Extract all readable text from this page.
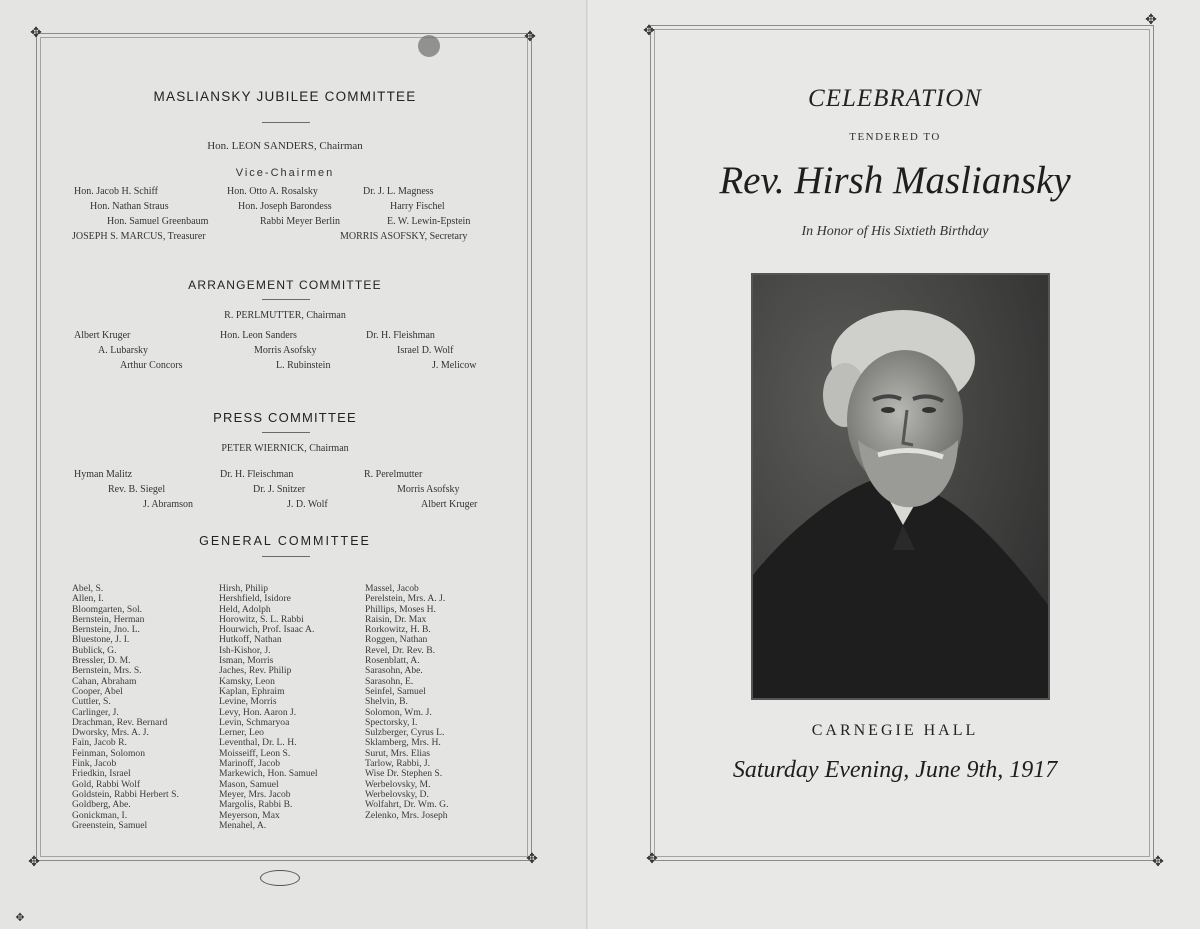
✥	✥
✥	✥
MASLIANSKY JUBILEE COMMITTEE
Hon. LEON SANDERS, Chairman
Vice-Chairmen
Hon. Jacob H. Schiff	Hon. Otto A. Rosalsky	Dr. J. L. Magness
Hon. Nathan Straus	Hon. Joseph Barondess	Harry Fischel
Hon. Samuel Greenbaum	Rabbi Meyer Berlin	E. W. Lewin-Epstein
JOSEPH S. MARCUS, Treasurer	MORRIS ASOFSKY, Secretary
ARRANGEMENT COMMITTEE
R. PERLMUTTER, Chairman
Albert Kruger	Hon. Leon Sanders	Dr. H. Fleishman
A. Lubarsky	Morris Asofsky	Israel D. Wolf
Arthur Concors	L. Rubinstein	J. Melicow
PRESS COMMITTEE
PETER WIERNICK, Chairman
Hyman Malitz	Dr. H. Fleischman	R. Perelmutter
Rev. B. Siegel	Dr. J. Snitzer	Morris Asofsky
J. Abramson	J. D. Wolf	Albert Kruger
GENERAL COMMITTEE
Abel, S.
Allen, I.
Bloomgarten, Sol.
Bernstein, Herman
Bernstein, Jno. L.
Bluestone, J. I.
Bublick, G.
Bressler, D. M.
Bernstein, Mrs. S.
Cahan, Abraham
Cooper, Abel
Cuttler, S.
Carlinger, J.
Drachman, Rev. Bernard
Dworsky, Mrs. A. J.
Fain, Jacob R.
Feinman, Solomon
Fink, Jacob
Friedkin, Israel
Gold, Rabbi Wolf
Goldstein, Rabbi Herbert S.
Goldberg, Abe.
Gonickman, I.
Greenstein, Samuel
Hirsh, Philip
Hershfield, Isidore
Held, Adolph
Horowitz, S. L. Rabbi
Hourwich, Prof. Isaac A.
Hutkoff, Nathan
Ish-Kishor, J.
Isman, Morris
Jaches, Rev. Philip
Kamsky, Leon
Kaplan, Ephraim
Levine, Morris
Levy, Hon. Aaron J.
Levin, Schmaryoa
Lerner, Leo
Leventhal, Dr. L. H.
Moisseiff, Leon S.
Marinoff, Jacob
Markewich, Hon. Samuel
Mason, Samuel
Meyer, Mrs. Jacob
Margolis, Rabbi B.
Meyerson, Max
Menahel, A.
Massel, Jacob
Perelstein, Mrs. A. J.
Phillips, Moses H.
Raisin, Dr. Max
Rorkowitz, H. B.
Roggen, Nathan
Revel, Dr. Rev. B.
Rosenblatt, A.
Sarasohn, Abe.
Sarasohn, E.
Seinfel, Samuel
Shelvin, B.
Solomon, Wm. J.
Spectorsky, I.
Sulzberger, Cyrus L.
Sklamberg, Mrs. H.
Surut, Mrs. Elias
Tarlow, Rabbi, J.
Wise Dr. Stephen S.
Werbelovsky, M.
Werbelovsky, D.
Wolfahrt, Dr. Wm. G.
Zelenko, Mrs. Joseph
✥
✥
✥
✥	✥
CELEBRATION
TENDERED TO
Rev. Hirsh Masliansky
In Honor of His Sixtieth Birthday
CARNEGIE HALL
Saturday Evening, June 9th, 1917
